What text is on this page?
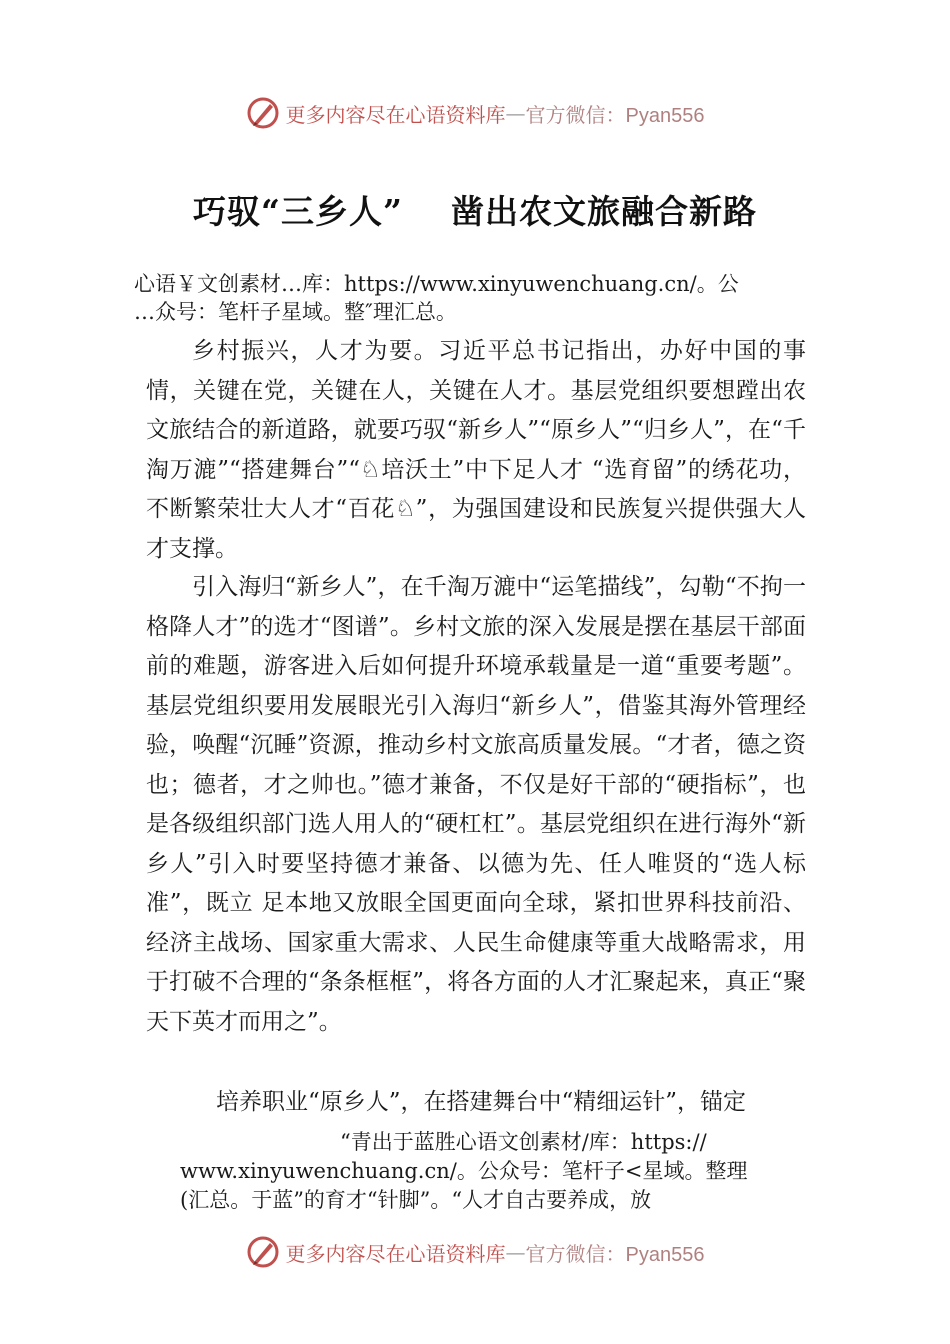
更多内容尽在心语资料库 — 官方微信：Pyan556
巧驭“三乡人” 凿出农文旅融合新路
心语￥文创素材…库：https://www.xinyuwenchuang.cn/。公
…众号：笔杆子星域。整″理汇总。

乡村振兴，人才为要。习近平总书记指出，办好中国的事情，关键在党，关键在人，关键在人才。基层党组织要想蹚出农文旅结合的新道路，就要巧驭“新乡人”“原乡人”“归乡人”，在“千淘万漉”“搭建舞台”“♘培沃土”中下足人才 “选育留”的绣花功，不断繁荣壮大人才“百花♘”，为强国建设和民族复兴提供强大人才支撑。

引入海归“新乡人”，在千淘万漉中“运笔描线”，勾勒“不拘一格降人才”的选才“图谱”。乡村文旅的深入发展是摆在基层干部面前的难题，游客进入后如何提升环境承载量是一道“重要考题”。基层党组织要用发展眼光引入海归“新乡人”，借鉴其海外管理经验，唤醒“沉睡”资源，推动乡村文旅高质量发展。“才者，德之资也；德者，才之帅也。”德才兼备，不仅是好干部的“硬指标”，也是各级组织部门选人用人的“硬杠杠”。基层党组织在进行海外“新乡人”引入时要坚持德才兼备、以德为先、任人唯贤的“选人标准”，既立 足本地又放眼全国更面向全球，紧扣世界科技前沿、经济主战场、国家重大需求、人民生命健康等重大战略需求，用于打破不合理的“条条框框”，将各方面的人才汇聚起来，真正“聚天下英才而用之”。

培养职业“原乡人”，在搭建舞台中“精细运针”，锚定

“青出于蓝胜心语文创素材/库：https://
www.xinyuwenchuang.cn/。公众号：笔杆子<星域。整理
(汇总。于蓝”的育才“针脚”。“人才自古要养成，放
更多内容尽在心语资料库 — 官方微信：Pyan556
